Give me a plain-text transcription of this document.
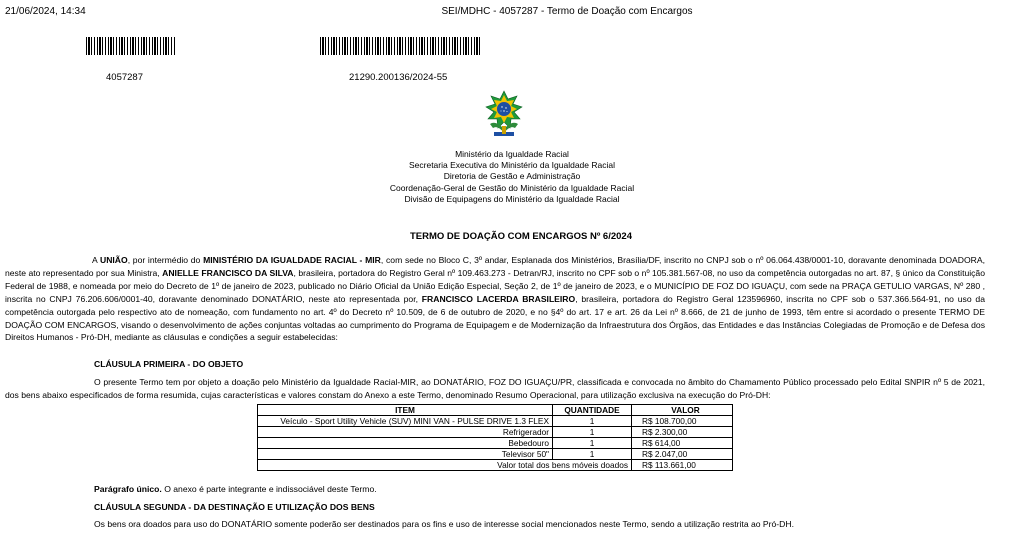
21/06/2024, 14:34	SEI/MDHC - 4057287 - Termo de Doação com Encargos
4057287	21290.200136/2024-55
Ministério da Igualdade Racial
Secretaria Executiva do Ministério da Igualdade Racial
Diretoria de Gestão e Administração
Coordenação-Geral de Gestão do Ministério da Igualdade Racial
Divisão de Equipagens do Ministério da Igualdade Racial
TERMO DE DOAÇÃO COM ENCARGOS Nº 6/2024
A UNIÃO, por intermédio do MINISTÉRIO DA IGUALDADE RACIAL - MIR, com sede no Bloco C, 3º andar, Esplanada dos Ministérios, Brasília/DF, inscrito no CNPJ sob o nº 06.064.438/0001-10, doravante denominada DOADORA, neste ato representado por sua Ministra, ANIELLE FRANCISCO DA SILVA, brasileira, portadora do Registro Geral nº 109.463.273 - Detran/RJ, inscrito no CPF sob o nº 105.381.567-08, no uso da competência outorgadas no art. 87, § único da Constituição Federal de 1988, e nomeada por meio do Decreto de 1º de janeiro de 2023, publicado no Diário Oficial da União Edição Especial, Seção 2, de 1º de janeiro de 2023, e o MUNICÍPIO DE FOZ DO IGUAÇU, com sede na PRAÇA GETULIO VARGAS, Nº 280 , inscrita no CNPJ 76.206.606/0001-40, doravante denominado DONATÁRIO, neste ato representada por, FRANCISCO LACERDA BRASILEIRO, brasileira, portadora do Registro Geral 123596960, inscrita no CPF sob o 537.366.564-91, no uso da competência outorgada pelo respectivo ato de nomeação, com fundamento no art. 4º do Decreto nº 10.509, de 6 de outubro de 2020, e no §4º do art. 17 e art. 26 da Lei nº 8.666, de 21 de junho de 1993, têm entre si acordado o presente TERMO DE DOAÇÃO COM ENCARGOS, visando o desenvolvimento de ações conjuntas voltadas ao cumprimento do Programa de Equipagem e de Modernização da Infraestrutura dos Órgãos, das Entidades e das Instâncias Colegiadas de Promoção e de Defesa dos Direitos Humanos - Pró-DH, mediante as cláusulas e condições a seguir estabelecidas:
CLÁUSULA PRIMEIRA - DO OBJETO
O presente Termo tem por objeto a doação pelo Ministério da Igualdade Racial-MIR, ao DONATÁRIO, FOZ DO IGUAÇU/PR, classificada e convocada no âmbito do Chamamento Público processado pelo Edital SNPIR nº 5 de 2021, dos bens abaixo especificados de forma resumida, cujas características e valores constam do Anexo a este Termo, denominado Resumo Operacional, para utilização exclusiva na execução do Pró-DH:
ITEM	QUANTIDADE	VALOR
Veículo - Sport Utility Vehicle (SUV) MINI VAN - PULSE DRIVE 1.3 FLEX	1	R$ 108.700,00
Refrigerador	1	R$ 2.300,00
Bebedouro	1	R$ 614,00
Televisor 50"	1	R$ 2.047,00
Valor total dos bens móveis doados		R$ 113.661,00
Parágrafo único. O anexo é parte integrante e indissociável deste Termo.
CLÁUSULA SEGUNDA - DA DESTINAÇÃO E UTILIZAÇÃO DOS BENS
Os bens ora doados para uso do DONATÁRIO somente poderão ser destinados para os fins e uso de interesse social mencionados neste Termo, sendo a utilização restrita ao Pró-DH.
